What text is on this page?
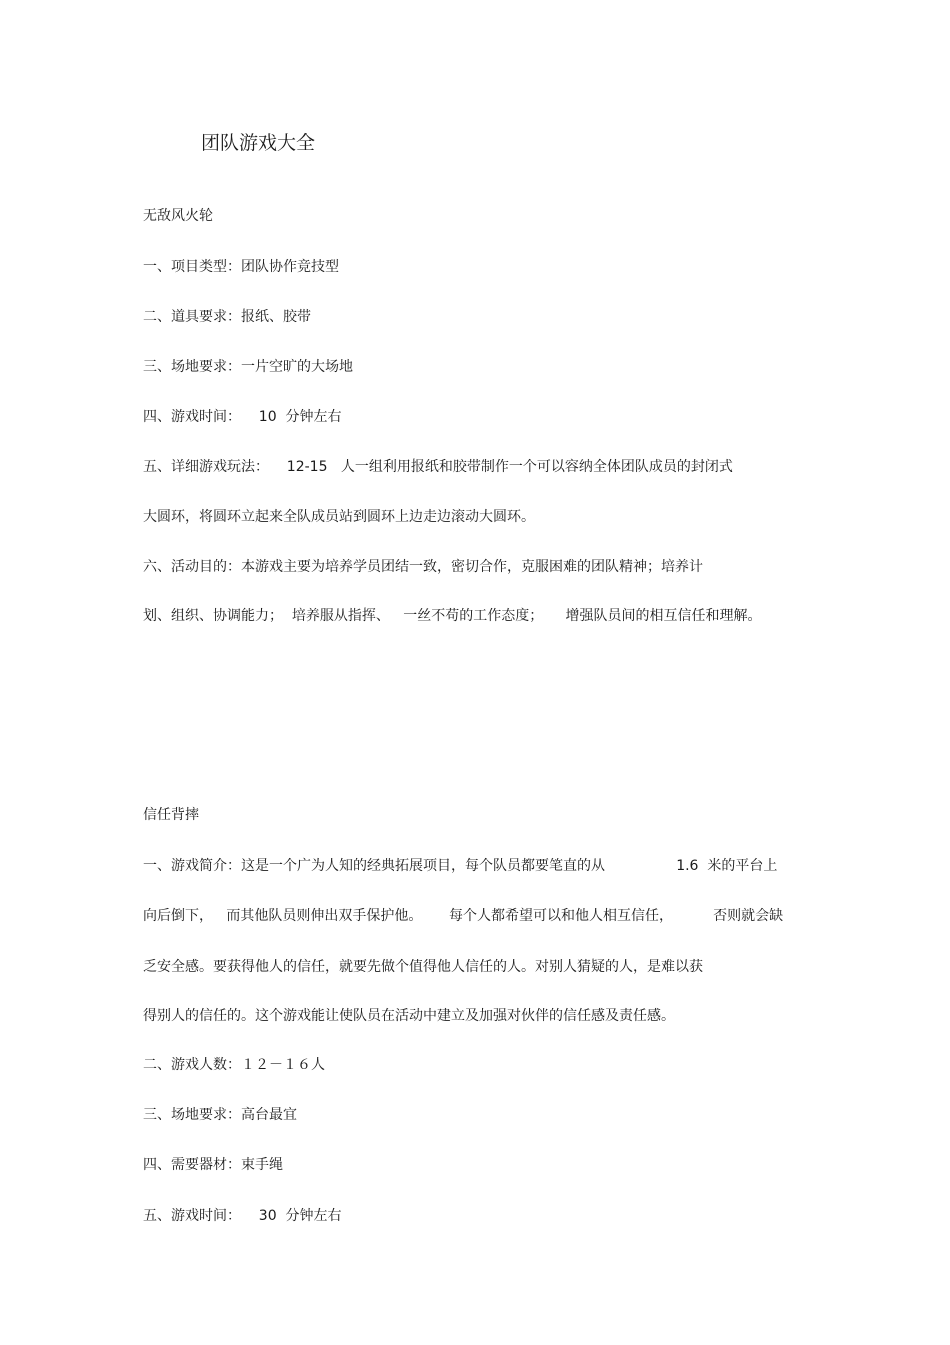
团队游戏大全
无敌风火轮
一、项目类型：团队协作竞技型
二、道具要求：报纸、胶带
三、场地要求：一片空旷的大场地
四、游戏时间：    10  分钟左右
五、详细游戏玩法：    12-15   人一组利用报纸和胶带制作一个可以容纳全体团队成员的封闭式
大圆环，将圆环立起来全队成员站到圆环上边走边滚动大圆环。
六、活动目的：本游戏主要为培养学员团结一致，密切合作，克服困难的团队精神；培养计
划、组织、协调能力；  培养服从指挥、   一丝不苟的工作态度；     增强队员间的相互信任和理解。
信任背摔
一、游戏简介：这是一个广为人知的经典拓展项目，每个队员都要笔直的从                1.6  米的平台上
向后倒下，   而其他队员则伸出双手保护他。      每个人都希望可以和他人相互信任，         否则就会缺
乏安全感。要获得他人的信任，就要先做个值得他人信任的人。对别人猜疑的人，是难以获
得别人的信任的。这个游戏能让使队员在活动中建立及加强对伙伴的信任感及责任感。
二、游戏人数：１２－１６人
三、场地要求：高台最宜
四、需要器材：束手绳
五、游戏时间：    30  分钟左右
